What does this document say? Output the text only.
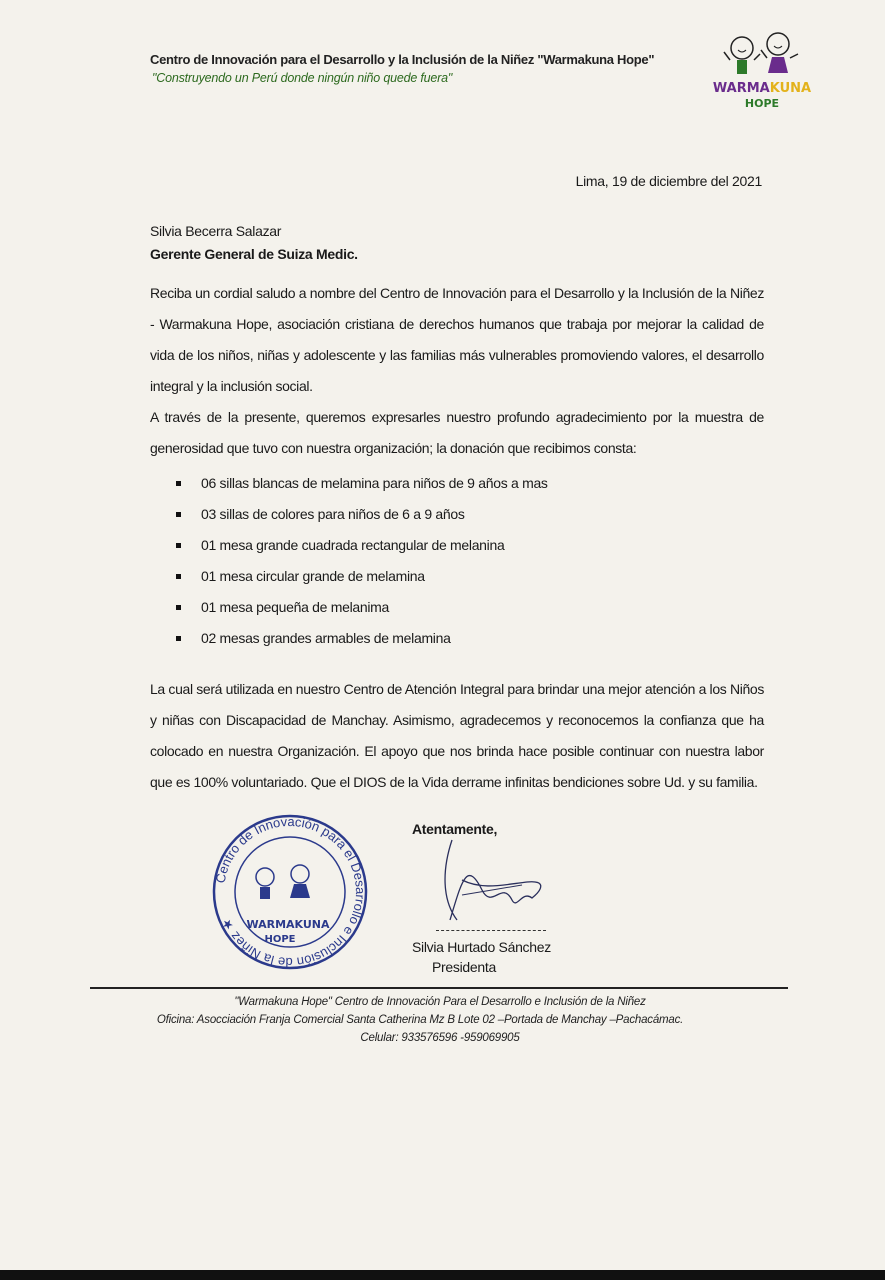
Centro de Innovación para el Desarrollo y la Inclusión de la Niñez "Warmakuna Hope"
"Construyendo un Perú donde ningún niño quede fuera"
WARMAKUNA
HOPE
Lima, 19 de diciembre del 2021
Silvia Becerra Salazar
Gerente General de Suiza Medic.

Reciba un cordial saludo a nombre del Centro de Innovación para el Desarrollo y la Inclusión de la Niñez - Warmakuna Hope, asociación cristiana de derechos humanos que trabaja por mejorar la calidad de vida de los niños, niñas y adolescente y las familias más vulnerables promoviendo valores, el desarrollo integral y la inclusión social.

A través de la presente, queremos expresarles nuestro profundo agradecimiento por la muestra de generosidad que tuvo con nuestra organización; la donación que recibimos consta:

06 sillas blancas de melamina para niños de 9 años a mas
03 sillas de colores para niños de 6 a 9 años
01 mesa grande cuadrada rectangular de melanina
01 mesa circular grande de melamina
01 mesa pequeña de melanima
02 mesas grandes armables de melamina

La cual será utilizada en nuestro Centro de Atención Integral para brindar una mejor atención a los Niños y niñas con Discapacidad de Manchay. Asimismo, agradecemos y reconocemos la confianza que ha colocado en nuestra Organización. El apoyo que nos brinda hace posible continuar con nuestra labor que es 100% voluntariado. Que el DIOS de la Vida derrame infinitas bendiciones sobre Ud. y su familia.

Centro de Innovación para el Desarrollo e Inclusión de la Niñez ★ WARMAKUNA
HOPE
Atentamente,
Silvia Hurtado Sánchez
Presidenta
"Warmakuna Hope" Centro de Innovación Para el Desarrollo e Inclusión de la Niñez
Oficina: Asocciación Franja Comercial Santa Catherina Mz B Lote 02 –Portada de Manchay –Pachacámac.
Celular: 933576596 -959069905
